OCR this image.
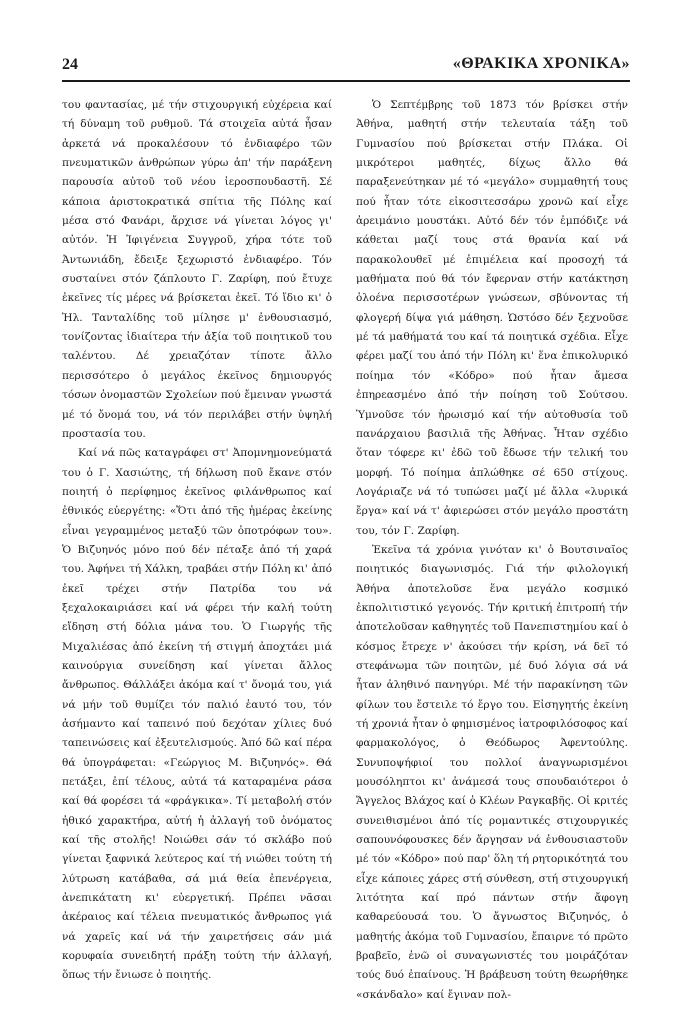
24	«ΘΡΑΚΙΚΑ ΧΡΟΝΙΚΑ»

του φαντασίας, μέ τήν στιχουργική εὐχέρεια καί τή δύναμη τοῦ ρυθμοῦ. Τά στοιχεῖα αὐτά ἦσαν ἀρκετά νά προκαλέσουν τό ἐνδιαφέρο τῶν πνευματικῶν ἀνθρώπων γύρω ἀπ' τήν παράξενη παρουσία αὐτοῦ τοῦ νέου ἱεροσπουδαστῆ. Σέ κάποια ἀριστοκρατικά σπίτια τῆς Πόλης καί μέσα στό Φανάρι, ἄρχισε νά γίνεται λόγος γι' αὐτόν. Ἡ Ἰφιγένεια Συγγροῦ, χήρα τότε τοῦ Ἀντωνιάδη, ἔδειξε ξεχωριστό ἐνδιαφέρο. Τόν συσταίνει στόν ζάπλουτο Γ. Ζαρίφη, πού ἔτυχε ἐκεῖνες τίς μέρες νά βρίσκεται ἐκεῖ. Τό ἴδιο κι' ὁ Ἠλ. Τανταλίδης τοῦ μίλησε μ' ἐνθουσιασμό, τονίζοντας ἰδιαίτερα τήν ἀξία τοῦ ποιητικοῦ του ταλέντου. Δέ χρειαζόταν τίποτε ἄλλο περισσότερο ὁ μεγάλος ἐκεῖνος δημιουργός τόσων ὀνομαστῶν Σχολείων πού ἔμειναν γνωστά μέ τό ὄνομά του, νά τόν περιλάβει στήν ὑψηλή προστασία του.

Καί νά πῶς καταγράφει στ' Ἀπομνημονεύματά του ὁ Γ. Χασιώτης, τή δήλωση ποῦ ἔκανε στόν ποιητή ὁ περίφημος ἐκεῖνος φιλάνθρωπος καί ἐθνικός εὐεργέτης: «Ὅτι ἀπό τῆς ἡμέρας ἐκείνης εἶναι γεγραμμένος μεταξύ τῶν ὀποτρόφων του». Ὁ Βιζυηνός μόνο πού δέν πέταξε ἀπό τή χαρά του. Ἀφήνει τή Χάλκη, τραβάει στήν Πόλη κι' ἀπό ἐκεῖ τρέχει στήν Πατρίδα του νά ξεχαλοκαιριάσει καί νά φέρει τήν καλή τούτη εἴδηση στή δόλια μάνα του. Ὁ Γιωργής τῆς Μιχαλιέσας ἀπό ἐκείνη τή στιγμή ἀποχτάει μιά καινούργια συνείδηση καί γίνεται ἄλλος ἄνθρωπος. Θάλλάξει ἀκόμα καί τ' ὄνομά του, γιά νά μήν τοῦ θυμίζει τόν παλιό ἑαυτό του, τόν ἀσήμαντο καί ταπεινό πού δεχόταν χίλιες δυό ταπεινώσεις καί ἐξευτελισμούς. Ἀπό δῶ καί πέρα θά ὑπογράφεται: «Γεώργιος Μ. Βιζυηνός». Θά πετάξει, ἐπί τέλους, αὐτά τά καταραμένα ράσα καί θά φορέσει τά «φράγκικα». Τί μεταβολή στόν ἠθικό χαρακτήρα, αὐτή ἡ ἀλλαγή τοῦ ὀνόματος καί τῆς στολῆς! Νοιώθει σάν τό σκλάβο πού γίνεται ξαφνικά λεύτερος καί τή νιώθει τούτη τή λύτρωση κατάβαθα, σά μιά θεία ἐπενέργεια, ἀνεπικάτατη κι' εὐεργετική. Πρέπει νᾶσαι ἀκέραιος καί τέλεια πνευματικός ἄνθρωπος γιά νά χαρεῖς καί νά τήν χαιρετήσεις σάν μιά κορυφαία συνειδητή πράξη τούτη τήν ἀλλαγή, ὅπως τήν ἔνιωσε ὁ ποιητής.

Ὁ Σεπτέμβρης τοῦ 1873 τόν βρίσκει στήν Ἀθήνα, μαθητή στήν τελευταία τάξη τοῦ Γυμνασίου πού βρίσκεται στήν Πλάκα. Οἱ μικρότεροι μαθητές, δίχως ἄλλο θά παραξενεύτηκαν μέ τό «μεγάλο» συμμαθητή τους πού ἦταν τότε εἰκοσιτεσσάρω χρονῶ καί εἶχε ἀρειμάνιο μουστάκι. Αὐτό δέν τόν ἐμπόδιζε νά κάθεται μαζί τους στά θρανία καί νά παρακολουθεῖ μέ ἐπιμέλεια καί προσοχή τά μαθήματα πού θά τόν ἔφερναν στήν κατάκτηση ὁλοένα περισσοτέρων γνώσεων, σβύνοντας τή φλογερή δίψα γιά μάθηση. Ὡστόσο δέν ξεχνοῦσε μέ τά μαθήματά του καί τά ποιητικά σχέδια. Εἶχε φέρει μαζί του ἀπό τήν Πόλη κι' ἕνα ἐπικολυρικό ποίημα τόν «Κόδρο» πού ἦταν ἄμεσα ἐπηρεασμένο ἀπό τήν ποίηση τοῦ Σούτσου. Ὑμνοῦσε τόν ἡρωισμό καί τήν αὐτοθυσία τοῦ πανάρχαιου βασιλιᾶ τῆς Ἀθήνας. Ἦταν σχέδιο ὅταν τόφερε κι' ἐδῶ τοῦ ἔδωσε τήν τελική του μορφή. Τό ποίημα ἀπλώθηκε σέ 650 στίχους. Λογάριαζε νά τό τυπώσει μαζί μέ ἄλλα «λυρικά ἔργα» καί νά τ' ἀφιερώσει στόν μεγάλο προστάτη του, τόν Γ. Ζαρίφη.

Ἐκεῖνα τά χρόνια γινόταν κι' ὁ Βουτσιναῖος ποιητικός διαγωνισμός. Γιά τήν φιλολογική Ἀθήνα ἀποτελοῦσε ἕνα μεγάλο κοσμικό ἐκπολιτιστικό γεγονός. Τήν κριτική ἐπιτροπή τήν ἀποτελοῦσαν καθηγητές τοῦ Πανεπιστημίου καί ὁ κόσμος ἔτρεχε ν' ἀκούσει τήν κρίση, νά δεῖ τό στεφάνωμα τῶν ποιητῶν, μέ δυό λόγια σά νά ἦταν ἀληθινό πανηγύρι. Μέ τήν παρακίνηση τῶν φίλων του ἔστειλε τό ἔργο του. Εἰσηγητής ἐκείνη τή χρονιά ἦταν ὁ φημισμένος ἰατροφιλόσοφος καί φαρμακολόγος, ὁ Θεόδωρος Ἀφεντούλης. Συνυποψήφιοί του πολλοί ἀναγνωρισμένοι μουσόληπτοι κι' ἀνάμεσά τους σπουδαιότεροι ὁ Ἄγγελος Βλάχος καί ὁ Κλέων Ραγκαβῆς. Οἱ κριτές συνειθισμένοι ἀπό τίς ρομαντικές στιχουργικές σαπουνόφουσκες δέν ἄργησαν νά ἐνθουσιαστοῦν μέ τόν «Κόδρο» πού παρ' ὅλη τή ρητορικότητά του εἶχε κάποιες χάρες στή σύνθεση, στή στιχουργική λιτότητα καί πρό πάντων στήν ἄφογη καθαρεύουσά του. Ὁ ἄγνωστος Βιζυηνός, ὁ μαθητής ἀκόμα τοῦ Γυμνασίου, ἔπαιρνε τό πρῶτο βραβεῖο, ἐνῶ οἱ συναγωνιστές του μοιράζόταν τούς δυό ἐπαίνους. Ἡ βράβευση τούτη θεωρήθηκε «σκάνδαλο» καί ἔγιναν πολ-
